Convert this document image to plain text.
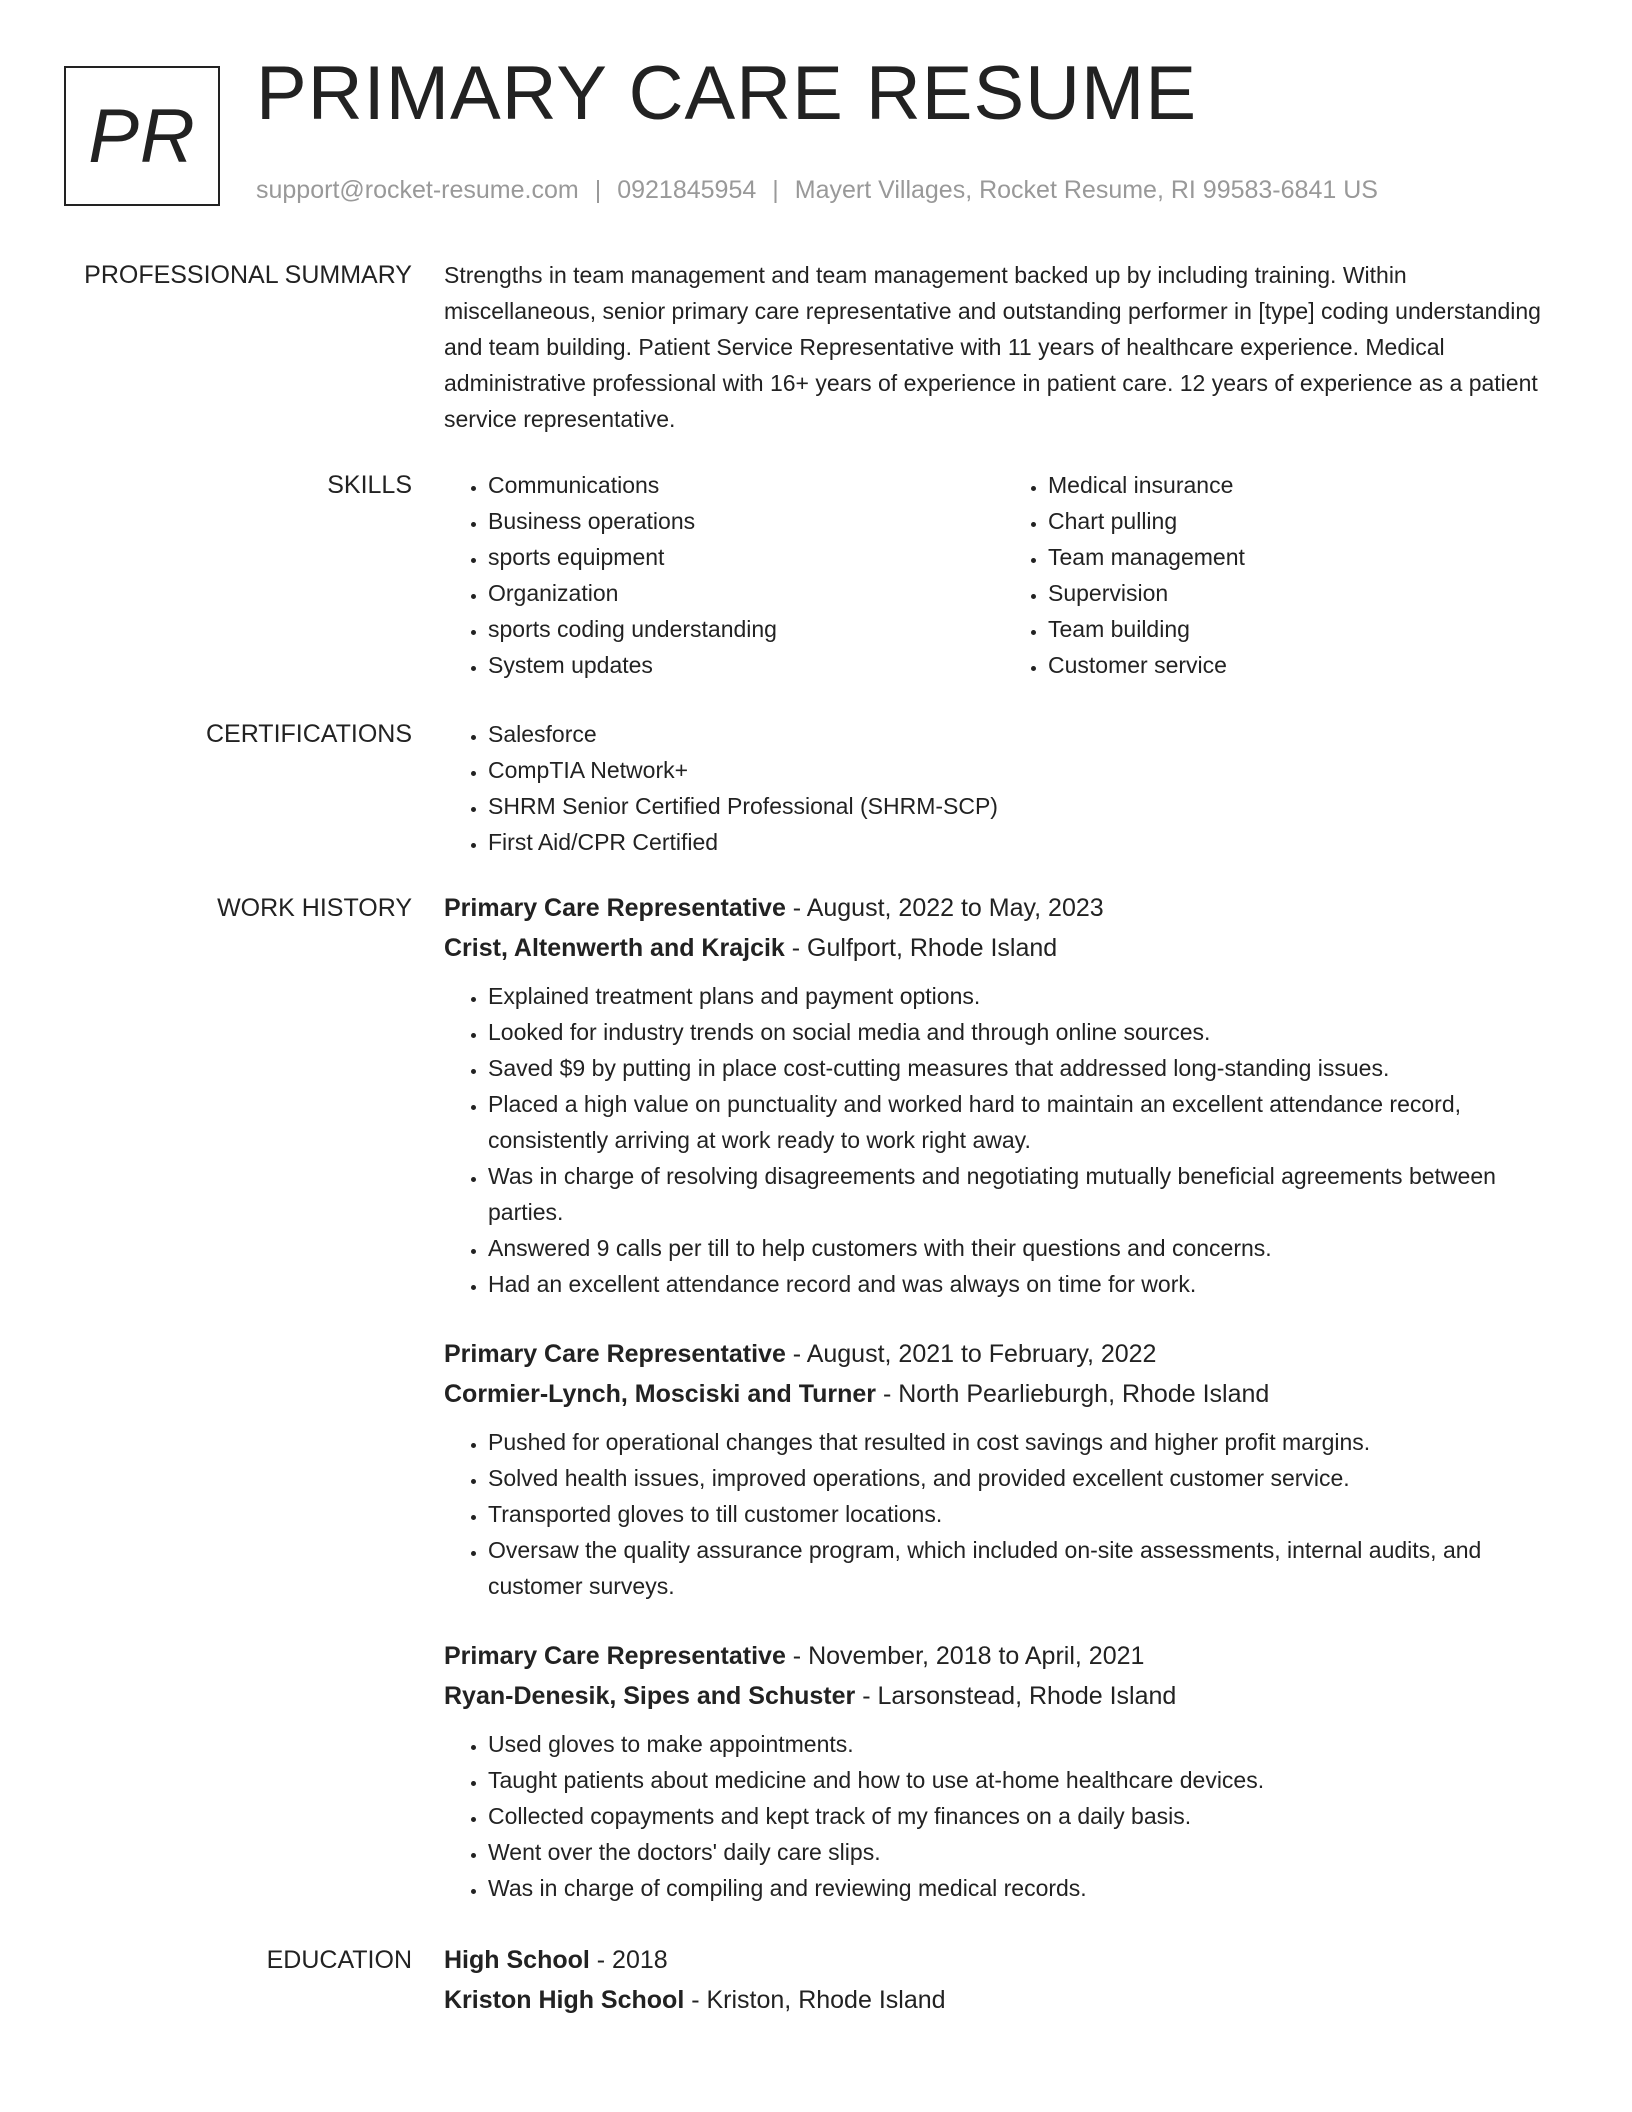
PR PRIMARY CARE RESUME
support@rocket-resume.com | 0921845954 | Mayert Villages, Rocket Resume, RI 99583-6841 US
PROFESSIONAL SUMMARY Strengths in team management and team management backed up by including training. Within miscellaneous, senior primary care representative and outstanding performer in [type] coding understanding and team building. Patient Service Representative with 11 years of healthcare experience. Medical administrative professional with 16+ years of experience in patient care. 12 years of experience as a patient service representative.
SKILLS	• Communications
• Business operations
• sports equipment
• Organization
• sports coding understanding
• System updates
• Medical insurance
• Chart pulling
• Team management
• Supervision
• Team building
• Customer service
CERTIFICATIONS	• Salesforce
• CompTIA Network+
• SHRM Senior Certified Professional (SHRM-SCP)
• First Aid/CPR Certified
WORK HISTORY Primary Care Representative - August, 2022 to May, 2023
Crist, Altenwerth and Krajcik - Gulfport, Rhode Island
• Explained treatment plans and payment options.
• Looked for industry trends on social media and through online sources.
• Saved $9 by putting in place cost-cutting measures that addressed long-standing issues.
• Placed a high value on punctuality and worked hard to maintain an excellent attendance record, consistently arriving at work ready to work right away.
• Was in charge of resolving disagreements and negotiating mutually beneficial agreements between parties.
• Answered 9 calls per till to help customers with their questions and concerns.
• Had an excellent attendance record and was always on time for work.
Primary Care Representative - August, 2021 to February, 2022
Cormier-Lynch, Mosciski and Turner - North Pearlieburgh, Rhode Island
• Pushed for operational changes that resulted in cost savings and higher profit margins.
• Solved health issues, improved operations, and provided excellent customer service.
• Transported gloves to till customer locations.
• Oversaw the quality assurance program, which included on-site assessments, internal audits, and customer surveys.
Primary Care Representative - November, 2018 to April, 2021
Ryan-Denesik, Sipes and Schuster - Larsonstead, Rhode Island
• Used gloves to make appointments.
• Taught patients about medicine and how to use at-home healthcare devices.
• Collected copayments and kept track of my finances on a daily basis.
• Went over the doctors' daily care slips.
• Was in charge of compiling and reviewing medical records.
EDUCATION High School - 2018
Kriston High School - Kriston, Rhode Island
